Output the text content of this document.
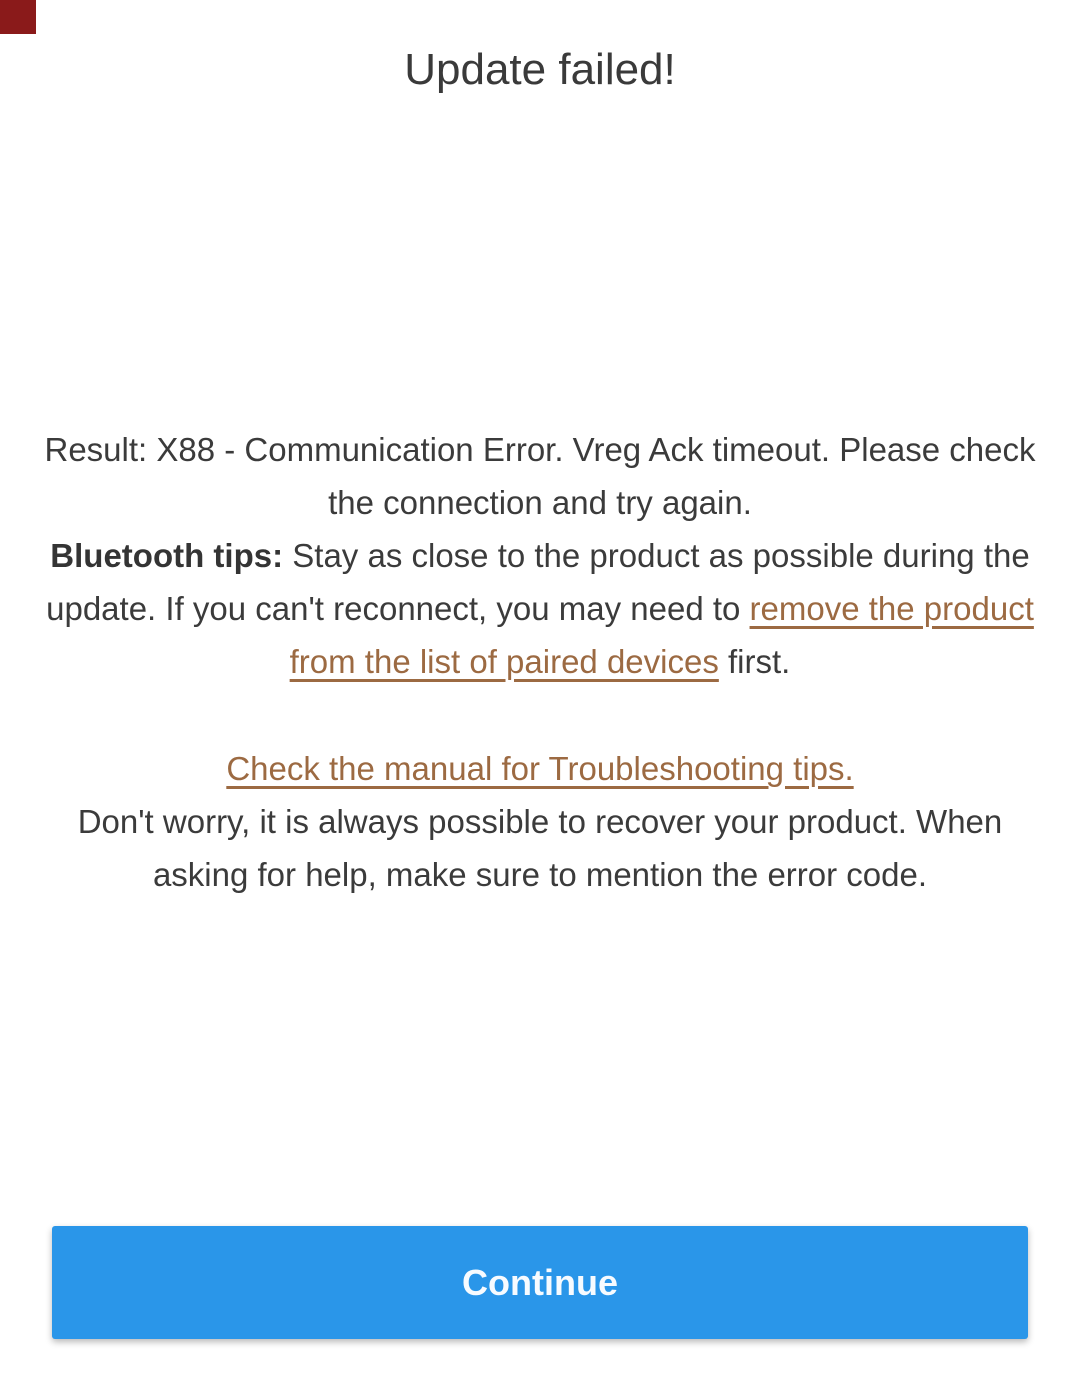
Update failed!

Result: X88 - Communication Error. Vreg Ack timeout. Please check the connection and try again.
Bluetooth tips: Stay as close to the product as possible during the update. If you can't reconnect, you may need to remove the product from the list of paired devices first.

Check the manual for Troubleshooting tips.

Don't worry, it is always possible to recover your product. When asking for help, make sure to mention the error code.

Continue
